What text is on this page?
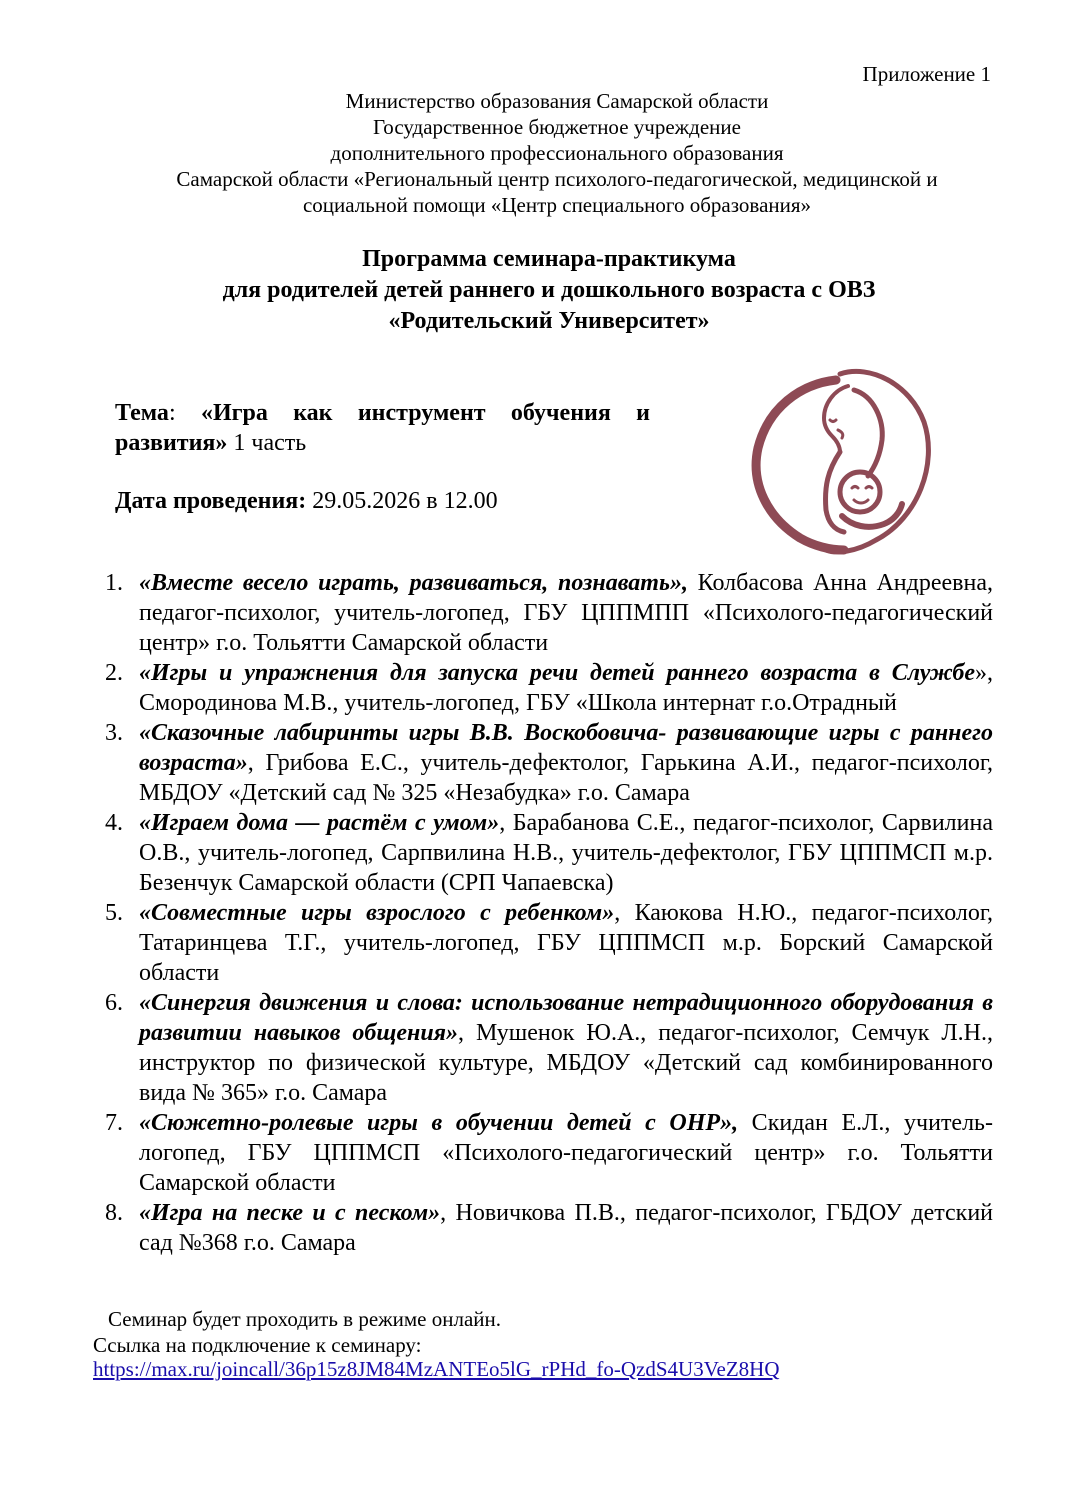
Приложение 1
Министерство образования Самарской области
Государственное бюджетное учреждение
дополнительного профессионального образования
Самарской области «Региональный центр психолого-педагогической, медицинской и
социальной помощи «Центр специального образования»
Программа семинара-практикума
для родителей детей раннего и дошкольного возраста с ОВЗ
«Родительский Университет»
Тема: «Игра как инструмент обучения и развития» 1 часть
Дата проведения: 29.05.2026 в 12.00
1. «Вместе весело играть, развиваться, познавать», Колбасова Анна Андреевна, педагог-психолог, учитель-логопед, ГБУ ЦППМПП «Психолого-педагогический центр» г.о. Тольятти Самарской области
2. «Игры и упражнения для запуска речи детей раннего возраста в Службе», Смородинова М.В., учитель-логопед, ГБУ «Школа интернат г.о.Отрадный
3. «Сказочные лабиринты игры В.В. Воскобовича- развивающие игры с раннего возраста», Грибова Е.С., учитель-дефектолог, Гарькина А.И., педагог-психолог, МБДОУ «Детский сад № 325 «Незабудка» г.о. Самара
4. «Играем дома — растём с умом», Барабанова С.Е., педагог-психолог, Сарвилина О.В., учитель-логопед, Сарпвилина Н.В., учитель-дефектолог, ГБУ ЦППМСП м.р. Безенчук Самарской области (СРП Чапаевска)
5. «Совместные игры взрослого с ребенком», Каюкова Н.Ю., педагог-психолог, Татаринцева Т.Г., учитель-логопед, ГБУ ЦППМСП м.р. Борский Самарской области
6. «Синергия движения и слова: использование нетрадиционного оборудования в развитии навыков общения», Мушенок Ю.А., педагог-психолог, Семчук Л.Н., инструктор по физической культуре, МБДОУ «Детский сад комбинированного вида № 365» г.о. Самара
7. «Сюжетно-ролевые игры в обучении детей с ОНР», Скидан Е.Л., учитель-логопед, ГБУ ЦППМСП «Психолого-педагогический центр» г.о. Тольятти Самарской области
8. «Игра на песке и с песком», Новичкова П.В., педагог-психолог, ГБДОУ детский сад №368 г.о. Самара
Семинар будет проходить в режиме онлайн.
Ссылка на подключение к семинару:
https://max.ru/joincall/36p15z8JM84MzANTEo5lG_rPHd_fo-QzdS4U3VeZ8HQ
